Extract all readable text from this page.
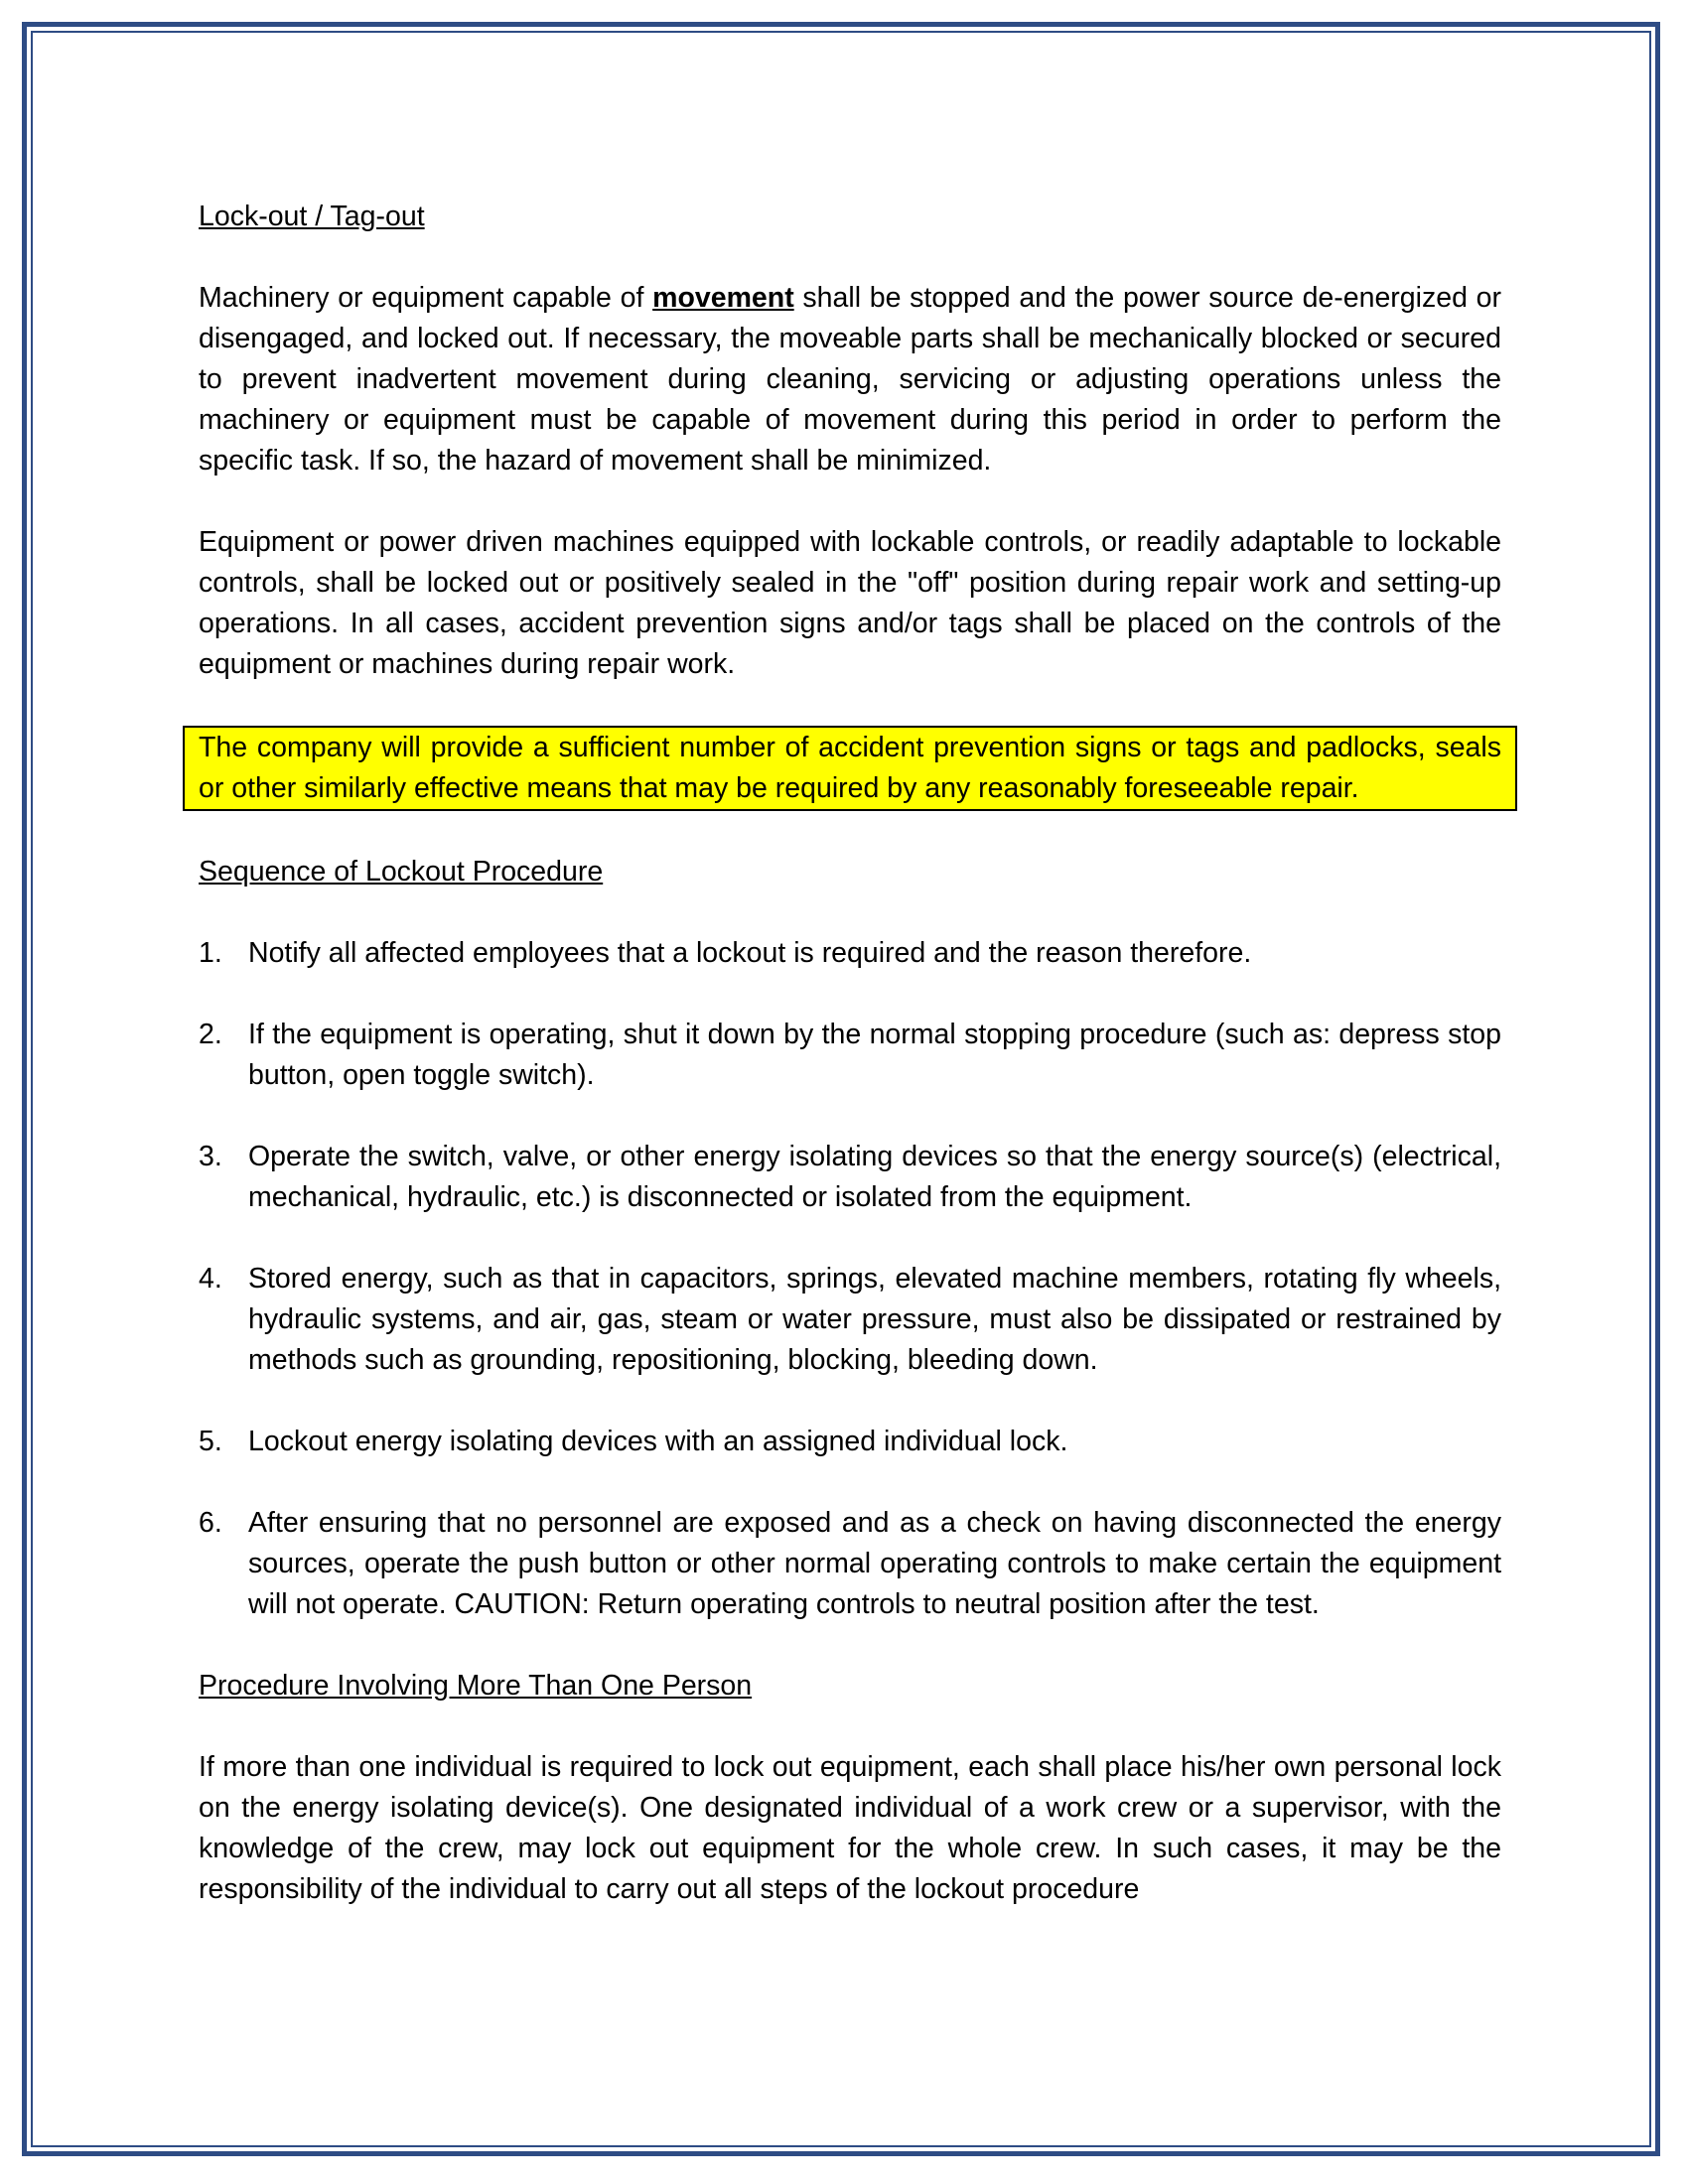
Lock-out / Tag-out

Machinery or equipment capable of movement shall be stopped and the power source de-energized or disengaged, and locked out. If necessary, the moveable parts shall be mechanically blocked or secured to prevent inadvertent movement during cleaning, servicing or adjusting operations unless the machinery or equipment must be capable of movement during this period in order to perform the specific task. If so, the hazard of movement shall be minimized.

Equipment or power driven machines equipped with lockable controls, or readily adaptable to lockable controls, shall be locked out or positively sealed in the "off" position during repair work and setting-up operations. In all cases, accident prevention signs and/or tags shall be placed on the controls of the equipment or machines during repair work.

The company will provide a sufficient number of accident prevention signs or tags and padlocks, seals or other similarly effective means that may be required by any reasonably foreseeable repair.
Sequence of Lockout Procedure
1. Notify all affected employees that a lockout is required and the reason therefore.
2. If the equipment is operating, shut it down by the normal stopping procedure (such as: depress stop button, open toggle switch).
3. Operate the switch, valve, or other energy isolating devices so that the energy source(s) (electrical, mechanical, hydraulic, etc.) is disconnected or isolated from the equipment.
4. Stored energy, such as that in capacitors, springs, elevated machine members, rotating fly wheels, hydraulic systems, and air, gas, steam or water pressure, must also be dissipated or restrained by methods such as grounding, repositioning, blocking, bleeding down.
5. Lockout energy isolating devices with an assigned individual lock.
6. After ensuring that no personnel are exposed and as a check on having disconnected the energy sources, operate the push button or other normal operating controls to make certain the equipment will not operate. CAUTION: Return operating controls to neutral position after the test.
Procedure Involving More Than One Person

If more than one individual is required to lock out equipment, each shall place his/her own personal lock on the energy isolating device(s). One designated individual of a work crew or a supervisor, with the knowledge of the crew, may lock out equipment for the whole crew. In such cases, it may be the responsibility of the individual to carry out all steps of the lockout procedure
